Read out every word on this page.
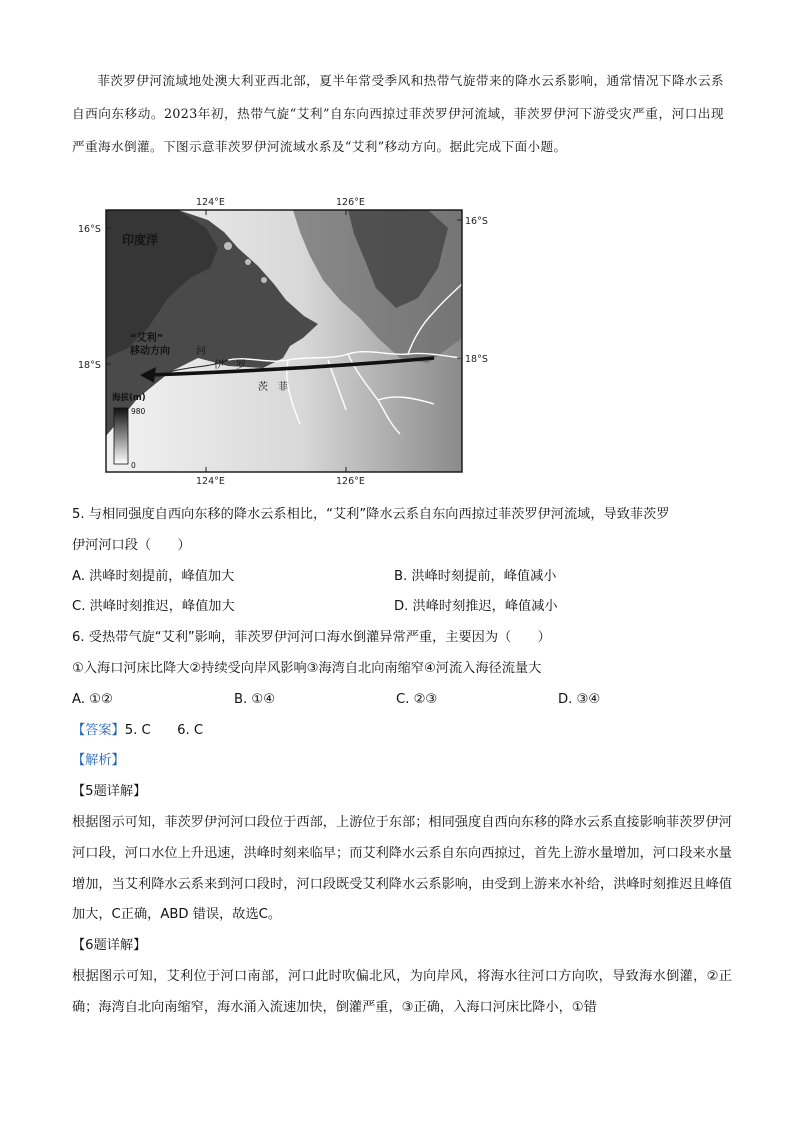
菲茨罗伊河流域地处澳大利亚西北部，夏半年常受季风和热带气旋带来的降水云系影响，通常情况下降水云系自西向东移动。2023年初，热带气旋“艾利”自东向西掠过菲茨罗伊河流域，菲茨罗伊河下游受灾严重，河口出现严重海水倒灌。下图示意菲茨罗伊河流域水系及“艾利”移动方向。据此完成下面小题。

124°E	126°E
124°E	126°E
16°S
18°S
16°S
18°S
印度洋
“艾利”
移动方向	河
伊 罗
茨 菲
海拔(m)
980
0

5. 与相同强度自西向东移的降水云系相比，“艾利”降水云系自东向西掠过菲茨罗伊河流域，导致菲茨罗

伊河河口段（　　）

A. 洪峰时刻提前，峰值加大	B. 洪峰时刻提前，峰值减小
C. 洪峰时刻推迟，峰值加大	D. 洪峰时刻推迟，峰值减小

6. 受热带气旋“艾利”影响，菲茨罗伊河河口海水倒灌异常严重，主要因为（　　）

①入海口河床比降大②持续受向岸风影响③海湾自北向南缩窄④河流入海径流量大

A. ①②	B. ①④	C. ②③	D. ③④

【答案】5. C　　6. C

【解析】

【5题详解】

根据图示可知，菲茨罗伊河河口段位于西部，上游位于东部；相同强度自西向东移的降水云系直接影响菲茨罗伊河河口段，河口水位上升迅速，洪峰时刻来临早；而艾利降水云系自东向西掠过，首先上游水量增加，河口段来水量增加，当艾利降水云系来到河口段时，河口段既受艾利降水云系影响，由受到上游来水补给，洪峰时刻推迟且峰值加大，C正确，ABD 错误，故选C。

【6题详解】

根据图示可知，艾利位于河口南部，河口此时吹偏北风，为向岸风，将海水往河口方向吹，导致海水倒灌，②正确；海湾自北向南缩窄，海水涌入流速加快，倒灌严重，③正确，入海口河床比降小，①错
